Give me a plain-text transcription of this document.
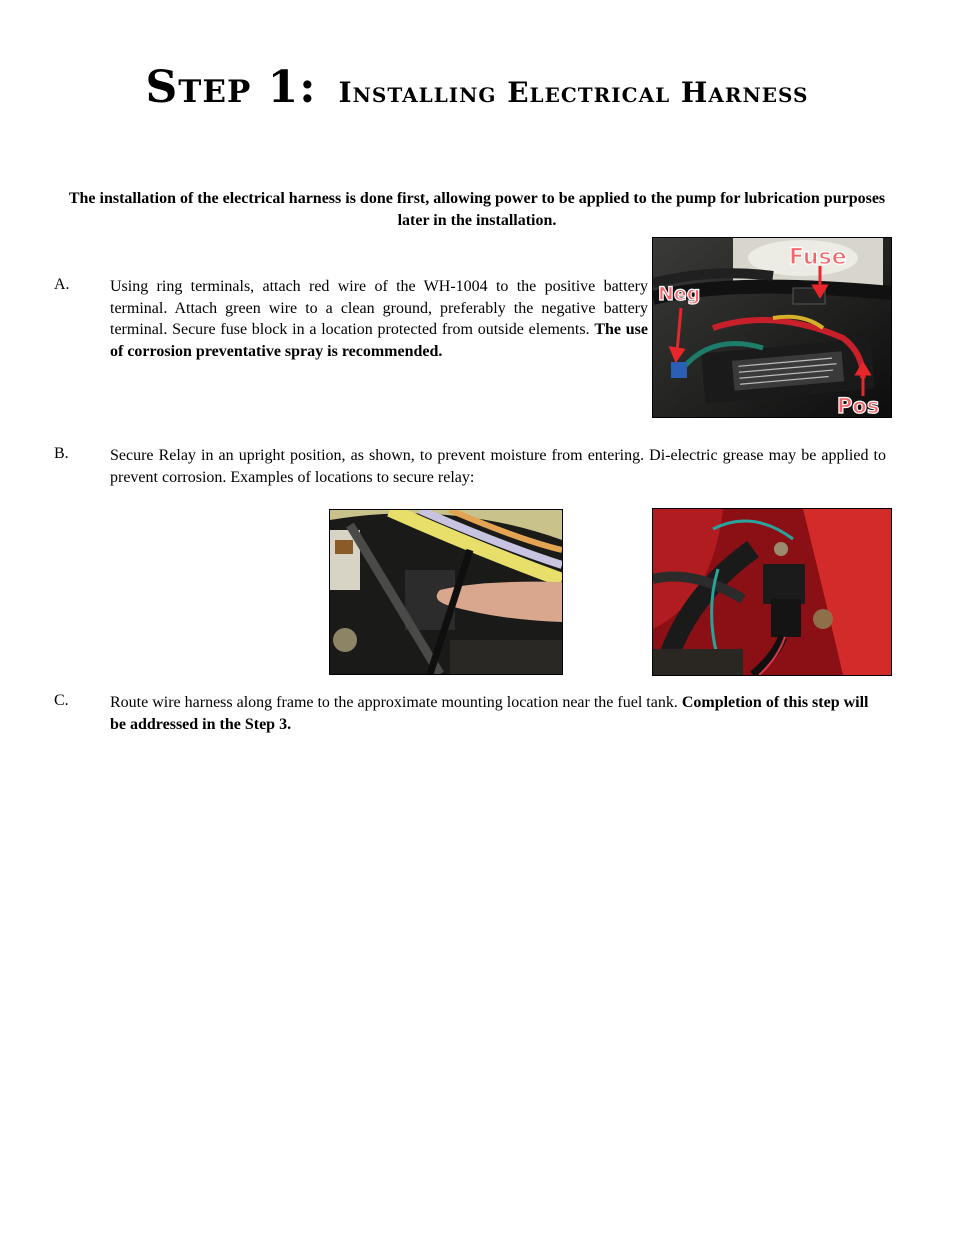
Step 1: Installing Electrical Harness
The installation of the electrical harness is done first, allowing power to be applied to the pump for lubrication purposes later in the installation.
A.	Using ring terminals, attach red wire of the WH-1004 to the positive battery terminal. Attach green wire to a clean ground, preferably the negative battery terminal. Secure fuse block in a location protected from outside elements. The use of corrosion preventative spray is recommended.
Fuse
Neg
Pos
B.	Secure Relay in an upright position, as shown, to prevent moisture from entering. Di-electric grease may be applied to prevent corrosion. Examples of locations to secure relay:
C.	Route wire harness along frame to the approximate mounting location near the fuel tank. Completion of this step will be addressed in the Step 3.
